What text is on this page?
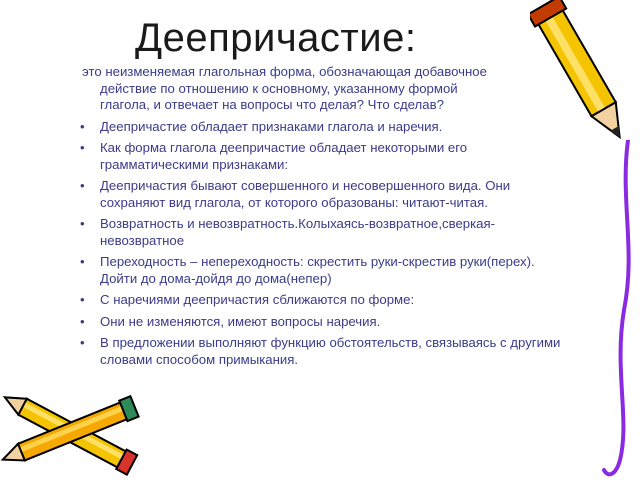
Деепричастие:
это неизменяемая глагольная форма, обозначающая добавочное
действие по отношению к основному, указанному формой
глагола, и отвечает на вопросы что делая? Что сделав?
• Деепричастие обладает признаками глагола и наречия.
• Как форма глагола деепричастие обладает некоторыми его грамматическими признаками:
• Деепричастия бывают совершенного и несовершенного вида. Они сохраняют вид глагола, от которого образованы: читают-читая.
• Возвратность и невозвратность.Колыхаясь-возвратное,сверкая-невозвратное
• Переходность – непереходность: скрестить руки-скрестив руки(перех). Дойти до дома-дойдя до дома(непер)
• С наречиями деепричастия сближаются по форме:
• Они не изменяются, имеют вопросы наречия.
• В предложении выполняют функцию обстоятельств, связываясь с другими словами способом примыкания.
